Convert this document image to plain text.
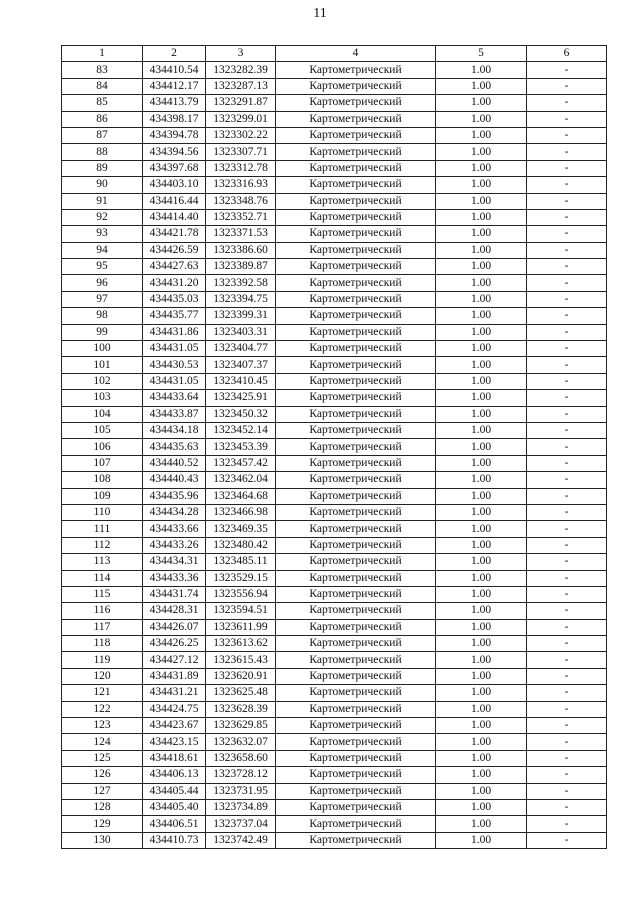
11
1	2	3	4	5	6
83	434410.54	1323282.39	Картометрический	1.00	-
84	434412.17	1323287.13	Картометрический	1.00	-
85	434413.79	1323291.87	Картометрический	1.00	-
86	434398.17	1323299.01	Картометрический	1.00	-
87	434394.78	1323302.22	Картометрический	1.00	-
88	434394.56	1323307.71	Картометрический	1.00	-
89	434397.68	1323312.78	Картометрический	1.00	-
90	434403.10	1323316.93	Картометрический	1.00	-
91	434416.44	1323348.76	Картометрический	1.00	-
92	434414.40	1323352.71	Картометрический	1.00	-
93	434421.78	1323371.53	Картометрический	1.00	-
94	434426.59	1323386.60	Картометрический	1.00	-
95	434427.63	1323389.87	Картометрический	1.00	-
96	434431.20	1323392.58	Картометрический	1.00	-
97	434435.03	1323394.75	Картометрический	1.00	-
98	434435.77	1323399.31	Картометрический	1.00	-
99	434431.86	1323403.31	Картометрический	1.00	-
100	434431.05	1323404.77	Картометрический	1.00	-
101	434430.53	1323407.37	Картометрический	1.00	-
102	434431.05	1323410.45	Картометрический	1.00	-
103	434433.64	1323425.91	Картометрический	1.00	-
104	434433.87	1323450.32	Картометрический	1.00	-
105	434434.18	1323452.14	Картометрический	1.00	-
106	434435.63	1323453.39	Картометрический	1.00	-
107	434440.52	1323457.42	Картометрический	1.00	-
108	434440.43	1323462.04	Картометрический	1.00	-
109	434435.96	1323464.68	Картометрический	1.00	-
110	434434.28	1323466.98	Картометрический	1.00	-
111	434433.66	1323469.35	Картометрический	1.00	-
112	434433.26	1323480.42	Картометрический	1.00	-
113	434434.31	1323485.11	Картометрический	1.00	-
114	434433.36	1323529.15	Картометрический	1.00	-
115	434431.74	1323556.94	Картометрический	1.00	-
116	434428.31	1323594.51	Картометрический	1.00	-
117	434426.07	1323611.99	Картометрический	1.00	-
118	434426.25	1323613.62	Картометрический	1.00	-
119	434427.12	1323615.43	Картометрический	1.00	-
120	434431.89	1323620.91	Картометрический	1.00	-
121	434431.21	1323625.48	Картометрический	1.00	-
122	434424.75	1323628.39	Картометрический	1.00	-
123	434423.67	1323629.85	Картометрический	1.00	-
124	434423.15	1323632.07	Картометрический	1.00	-
125	434418.61	1323658.60	Картометрический	1.00	-
126	434406.13	1323728.12	Картометрический	1.00	-
127	434405.44	1323731.95	Картометрический	1.00	-
128	434405.40	1323734.89	Картометрический	1.00	-
129	434406.51	1323737.04	Картометрический	1.00	-
130	434410.73	1323742.49	Картометрический	1.00	-
